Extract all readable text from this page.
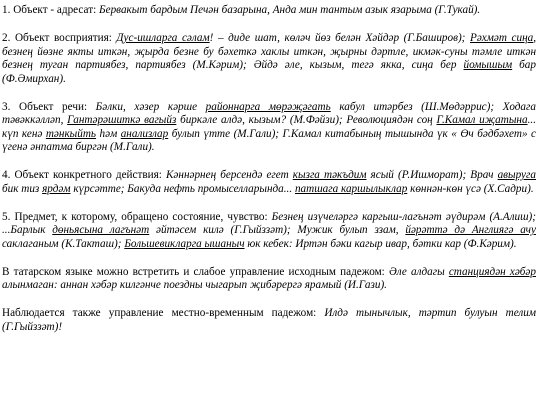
1. Объект - адресат: Бервакыт бардым Печән базарына, Анда мин тантым азык язарыма (Г.Тукай).

2. Объект восприятия: Дус-ишларга сәлам! – диде шат, көләч йөз белән Хәйдәр (Г.Баширов); Рәхмәт сиңа, безнең йөзне якты иткән, җырда безне бу бәхеткә хаклы иткән, җырны дәртле, икмәк-суны тәмле иткән безнең туган партиябез, партиябез (М.Кәрим); Әйдә әле, кызым, тегә якка, сиңа бер йомышым бар (Ф.Әмирхан).

3. Объект речи: Бәлки, хәзер кәрше районнарга мөрәҗәгать кабул итәрбез (Ш.Мөдәррис); Ходага тәвәккәлләп, Гантәрәшиткә вагыйз биркәле алдә, кызым? (М.Фәйзи); Революциядән соң Г.Камал иҗатына... күп кенә тәнкыйть һәм анализлар булып үтте (М.Гали); Г.Камал китабының тышында үк « Өч бәдбәхет» с үгенә әнпатма биргән (М.Гали).

4. Объект конкретного действия: Кәннәрнең берсендә егет кызга тәкъдим ясый (Р.Ишморат); Врач авыруга бик тиз ярдәм күрсәтте; Бакуда нефть промыселларында... патшага каршылыклар көннән-көн үсә (Х.Садри).

5. Предмет, к которому, обращено состояние, чувство: Безнең изүчеләргә каргыш-лагънәт әүдирәм (А.Алиш); ...Барлык дөньясына лагънәт әйтәсем килә (Г.Гыйззәт); Мужик булып ззам, йәрәттә дә Англиягә ачу саклаганым (К.Такташ); Большевикларга ышаныч юк кебек: Иртән бәки кагыр ивар, бәтки кар (Ф.Кәрим).

В татарском языке можно встретить и слабое управление исходным падежом: Әле алдагы станциядән хәбәр алынмаган: аннан хәбәр килгәнче поездны чыгарып җибәрергә ярамый (И.Гази).

Наблюдается также управление местно-временным падежом: Илдә тынычлык, тәртип булуын телим (Г.Гыйззәт)!
